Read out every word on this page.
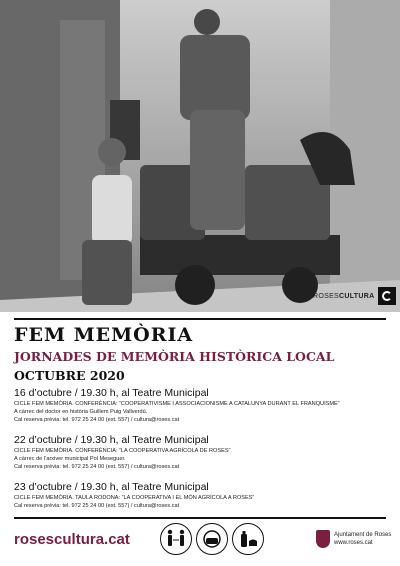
ROSESCULTURA
FEM MEMÒRIA
JORNADES DE MEMÒRIA HISTÒRICA LOCAL
OCTUBRE 2020
16 d’octubre / 19.30 h, al Teatre Municipal
CICLE FEM MEMÒRIA. CONFERÈNCIA: “COOPERATIVISME I ASSOCIACIONISME A CATALUNYA DURANT EL FRANQUISME”
A càrrec del doctor en història Guillem Puig Vallverdú.
Cal reserva prèvia: tel. 972 25 24 00 (ext. 557) / cultura@roses.cat
22 d’octubre / 19.30 h, al Teatre Municipal
CICLE FEM MEMÒRIA. CONFERÈNCIA: “LA COOPERATIVA AGRÍCOLA DE ROSES”
A càrrec de l’arxiver municipal Pol Meseguer.
Cal reserva prèvia: tel. 972 25 24 00 (ext. 557) / cultura@roses.cat
23 d’octubre / 19.30 h, al Teatre Municipal
CICLE FEM MEMÒRIA. TAULA RODONA: “LA COOPERATIVA I EL MÓN AGRÍCOLA A ROSES”
Cal reserva prèvia: tel. 972 25 24 00 (ext. 557) / cultura@roses.cat
rosescultura.cat	Ajuntament de Roses
www.roses.cat
